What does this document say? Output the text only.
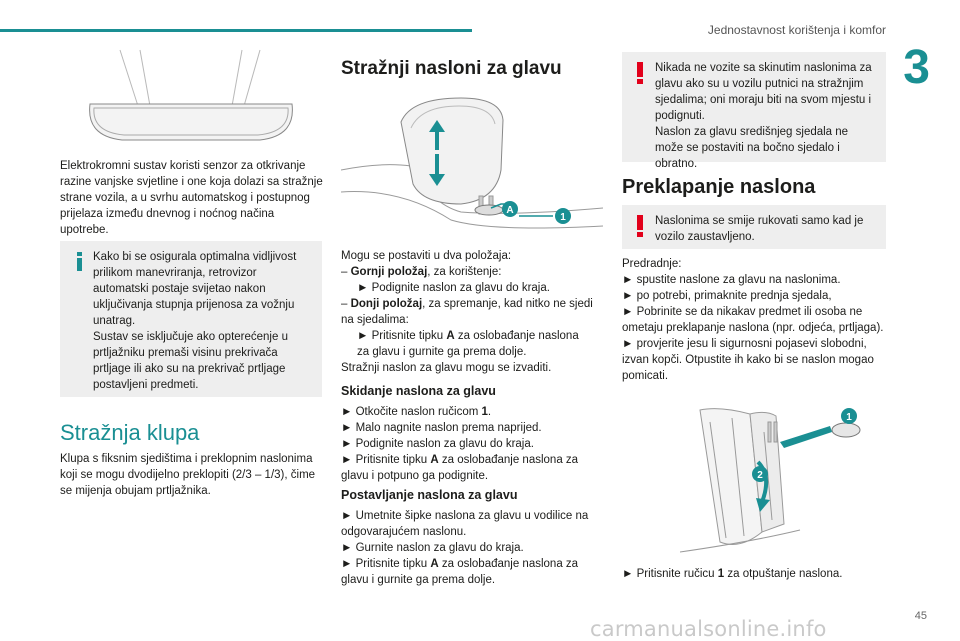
Jednostavnost korištenja i komfor
3

Elektrokromni sustav koristi senzor za otkrivanje razine vanjske svjetline i one koja dolazi sa stražnje strane vozila, a u svrhu automatskog i postupnog prijelaza između dnevnog i noćnog načina upotrebe.

Kako bi se osigurala optimalna vidljivost prilikom manevriranja, retrovizor automatski postaje svijetao nakon uključivanja stupnja prijenosa za vožnju unatrag.
Sustav se isključuje ako opterećenje u prtljažniku premaši visinu prekrivača prtljage ili ako su na prekrivač prtljage postavljeni predmeti.
Stražnja klupa

Klupa s fiksnim sjedištima i preklopnim naslonima koji se mogu dvodijelno preklopiti (2/3 – 1/3), čime se mijenja obujam prtljažnika.

Stražnji nasloni za glavu
A
1
Mogu se postaviti u dva položaja:
– Gornji položaj, za korištenje:
► Podignite naslon za glavu do kraja.
– Donji položaj, za spremanje, kad nitko ne sjedi na sjedalima:
► Pritisnite tipku A za oslobađanje naslona za glavu i gurnite ga prema dolje.
Stražnji naslon za glavu mogu se izvaditi.
Skidanje naslona za glavu
► Otkočite naslon ručicom 1.
► Malo nagnite naslon prema naprijed.
► Podignite naslon za glavu do kraja.
► Pritisnite tipku A za oslobađanje naslona za glavu i potpuno ga podignite.
Postavljanje naslona za glavu
► Umetnite šipke naslona za glavu u vodilice na odgovarajućem naslonu.
► Gurnite naslon za glavu do kraja.
► Pritisnite tipku A za oslobađanje naslona za glavu i gurnite ga prema dolje.
Nikada ne vozite sa skinutim naslonima za glavu ako su u vozilu putnici na stražnjim sjedalima; oni moraju biti na svom mjestu i podignuti.
Naslon za glavu središnjeg sjedala ne može se postaviti na bočno sjedalo i obratno.
Preklapanje naslona
Naslonima se smije rukovati samo kad je vozilo zaustavljeno.
Predradnje:
► spustite naslone za glavu na naslonima.
► po potrebi, primaknite prednja sjedala,
► Pobrinite se da nikakav predmet ili osoba ne ometaju preklapanje naslona (npr. odjeća, prtljaga).
► provjerite jesu li sigurnosni pojasevi slobodni, izvan kopči. Otpustite ih kako bi se naslon mogao pomicati.
1
2
► Pritisnite ručicu 1 za otpuštanje naslona.
carmanualsonline.info
45
